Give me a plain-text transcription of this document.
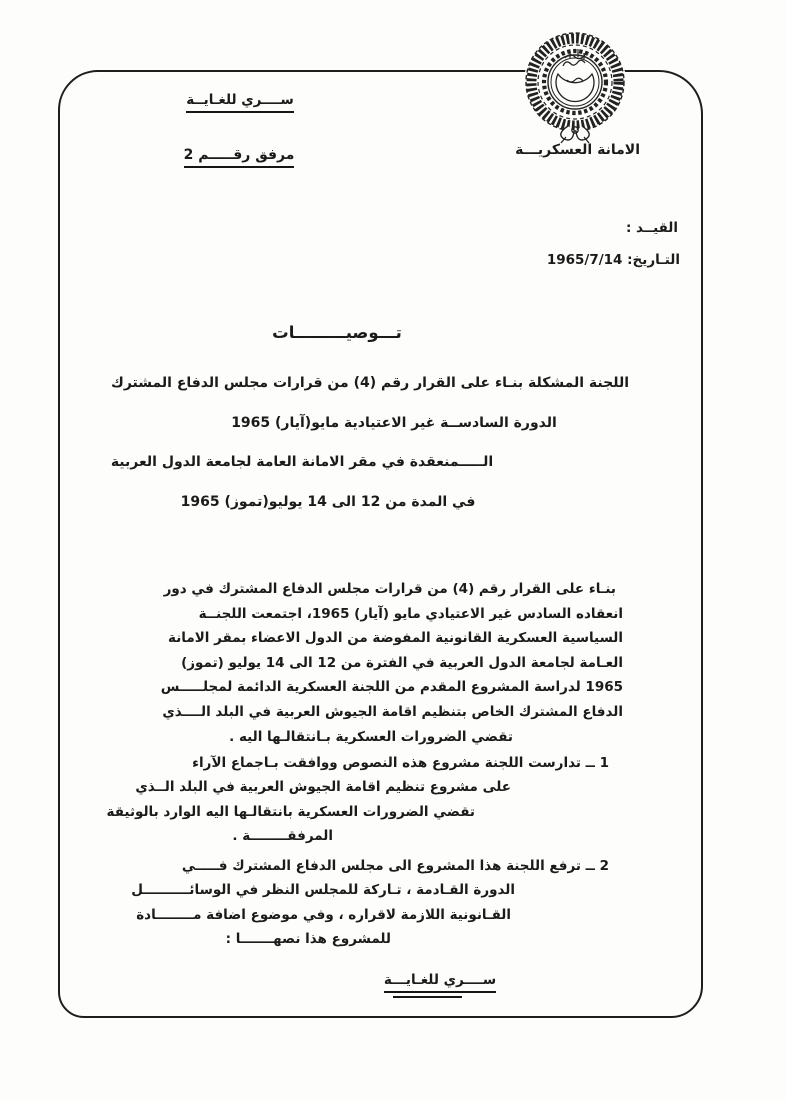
ســــري للغـايــة
مرفق رقـــــم 2	الامانة العسكريـــة
القيــد :
التـاريخ: 1965/7/14
تـــوصيـــــــــات
اللجنة المشكلة بنـاء على القرار رقم (4) من قرارات مجلس الدفاع المشترك
الدورة السادســة غير الاعتيادية مايو(آيار) 1965
الـــــمنعقدة في مقر الامانة العامة لجامعة الدول العربية
في المدة من 12 الى 14 يوليو(تموز) 1965
بنـاء على القرار رقم (4) من قرارات مجلس الدفاع المشترك في دور
انعقاده السادس غير الاعتيادي مايو (آيار) 1965، اجتمعت اللجنــة
السياسية العسكرية القانونية المفوضة من الدول الاعضاء بمقر الامانة
العـامة لجامعة الدول العربية في الفترة من 12 الى 14 يوليو (تموز)
1965 لدراسة المشروع المقدم من اللجنة العسكرية الدائمة لمجلـــــس
الدفاع المشترك الخاص بتنظيم اقامة الجيوش العربية في البلد الــــذي
تقضي الضرورات العسكرية بـانتقالـها اليه .
1 ــ تدارست اللجنة مشروع هذه النصوص ووافقت بـاجماع الآراء
على مشروع تنظيم اقامة الجيوش العربية في البلد الــذي
تقضي الضرورات العسكرية بانتقالـها اليه الوارد بالوثيقة
المرفقــــــــة .
2 ــ ترفع اللجنة هذا المشروع الى مجلس الدفاع المشترك فـــــي
الدورة القـادمة ، تـاركة للمجلس النظر في الوسائــــــــــل
القـانونية اللازمة لاقراره ، وفي موضوع اضافة مــــــــادة
للمشروع هذا نصهـــــــا :
ســــري للغـايـــة
